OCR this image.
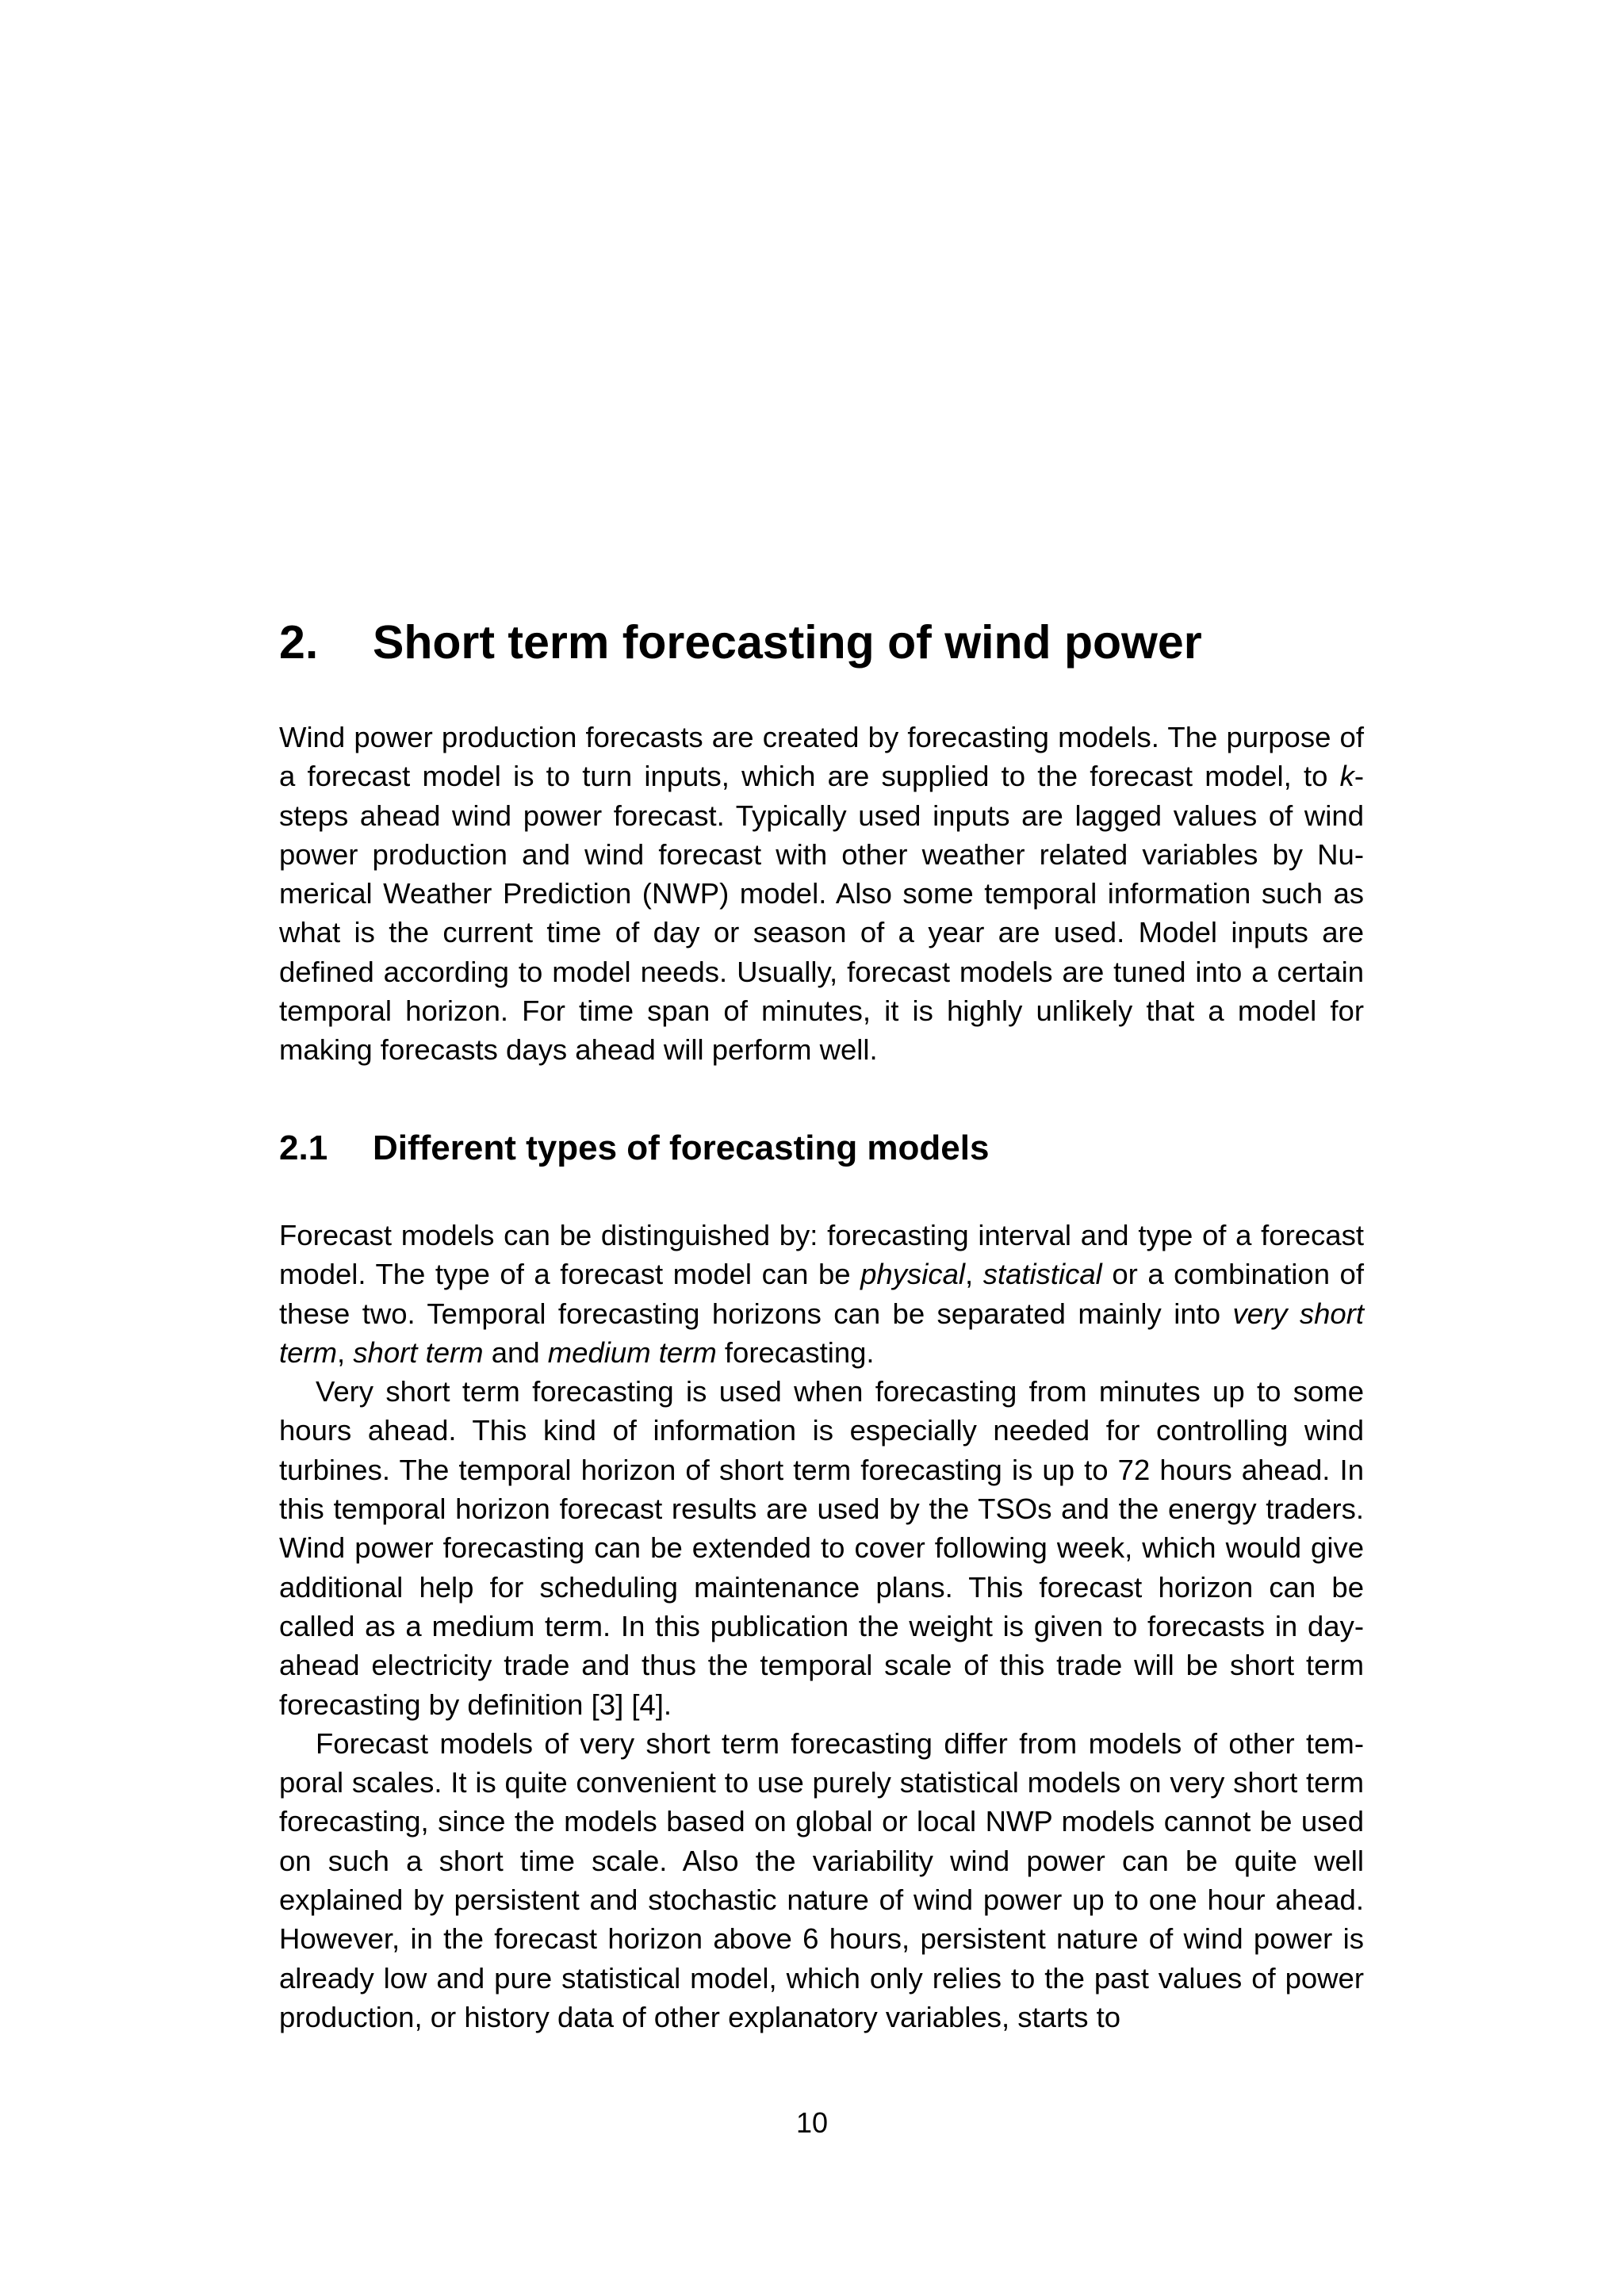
2. Short term forecasting of wind power

Wind power production forecasts are created by forecasting models. The purpose of a forecast model is to turn inputs, which are supplied to the forecast model, to k-steps ahead wind power forecast. Typically used inputs are lagged values of wind power production and wind forecast with other weather related variables by Numerical Weather Prediction (NWP) model. Also some temporal information such as what is the current time of day or season of a year are used. Model inputs are defined according to model needs. Usually, forecast models are tuned into a certain temporal horizon. For time span of minutes, it is highly unlikely that a model for making forecasts days ahead will perform well.

2.1 Different types of forecasting models

Forecast models can be distinguished by: forecasting interval and type of a forecast model. The type of a forecast model can be physical, statistical or a combination of these two. Temporal forecasting horizons can be separated mainly into very short term, short term and medium term forecasting.

Very short term forecasting is used when forecasting from minutes up to some hours ahead. This kind of information is especially needed for controlling wind turbines. The temporal horizon of short term forecasting is up to 72 hours ahead. In this temporal horizon forecast results are used by the TSOs and the energy traders. Wind power forecasting can be extended to cover following week, which would give additional help for scheduling maintenance plans. This forecast horizon can be called as a medium term. In this publication the weight is given to forecasts in day-ahead electricity trade and thus the temporal scale of this trade will be short term forecasting by definition [3] [4].

Forecast models of very short term forecasting differ from models of other temporal scales. It is quite convenient to use purely statistical models on very short term forecasting, since the models based on global or local NWP models cannot be used on such a short time scale. Also the variability wind power can be quite well explained by persistent and stochastic nature of wind power up to one hour ahead. However, in the forecast horizon above 6 hours, persistent nature of wind power is already low and pure statistical model, which only relies to the past values of power production, or history data of other explanatory variables, starts to

10
